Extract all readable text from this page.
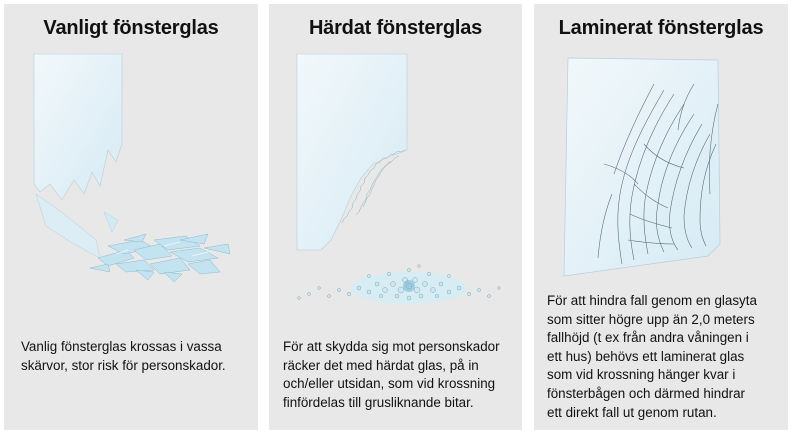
Vanligt fönsterglas
Vanlig fönsterglas krossas i vassa
skärvor, stor risk för personskador.
Härdat fönsterglas
För att skydda sig mot personskador
räcker det med härdat glas, på in
och/eller utsidan, som vid krossning
finfördelas till grusliknande bitar.
Laminerat fönsterglas
För att hindra fall genom en glasyta
som sitter högre upp än 2,0 meters
fallhöjd (t ex från andra våningen i
ett hus) behövs ett laminerat glas
som vid krossning hänger kvar i
fönsterbågen och därmed hindrar
ett direkt fall ut genom rutan.
